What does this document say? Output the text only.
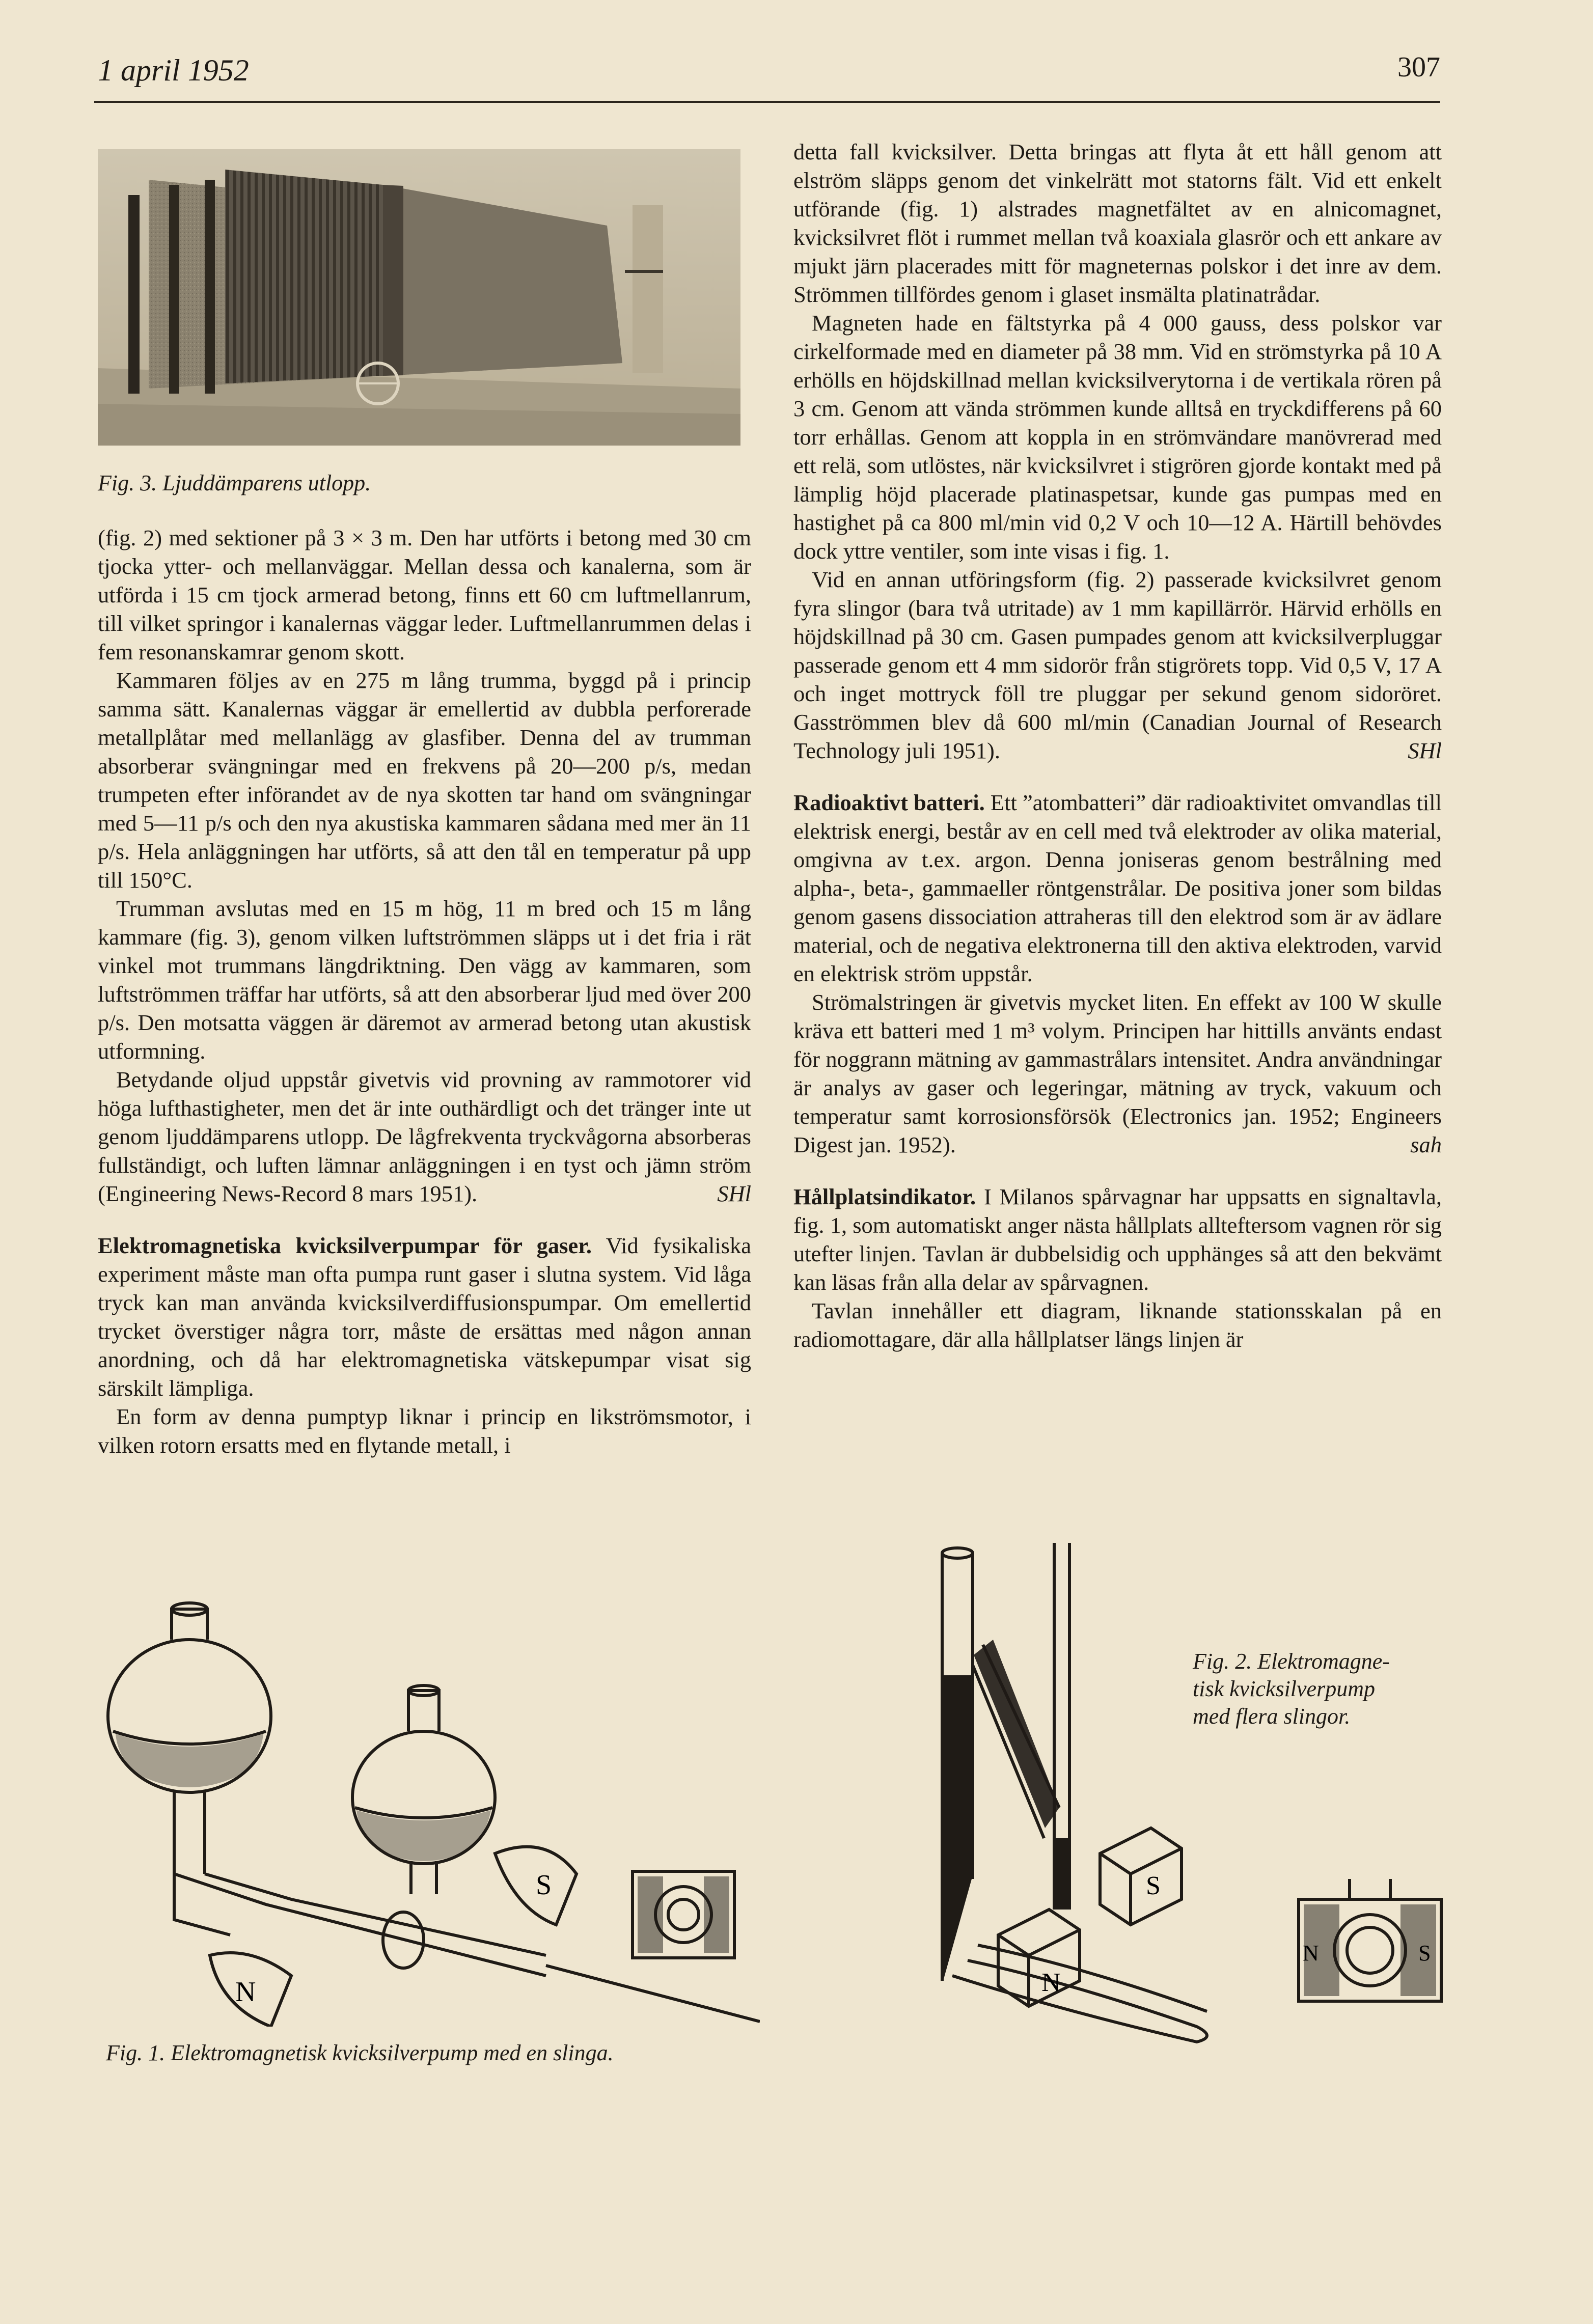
1 april 1952	307
Fig. 3. Ljuddämparens utlopp.

(fig. 2) med sektioner på 3 × 3 m. Den har utförts i betong med 30 cm tjocka ytter- och mellanväggar. Mellan dessa och kanalerna, som är utförda i 15 cm tjock armerad betong, finns ett 60 cm luftmellanrum, till vilket springor i kanalernas väggar leder. Luftmellanrummen delas i fem resonanskamrar genom skott.

Kammaren följes av en 275 m lång trumma, byggd på i princip samma sätt. Kanalernas väggar är emellertid av dubbla perforerade metallplåtar med mellanlägg av glasfiber. Denna del av trumman absorberar svängningar med en frekvens på 20—200 p/s, medan trumpeten efter införandet av de nya skotten tar hand om svängningar med 5—11 p/s och den nya akustiska kammaren sådana med mer än 11 p/s. Hela anläggningen har utförts, så att den tål en temperatur på upp till 150°C.

Trumman avslutas med en 15 m hög, 11 m bred och 15 m lång kammare (fig. 3), genom vilken luftströmmen släpps ut i det fria i rät vinkel mot trummans längdriktning. Den vägg av kammaren, som luftströmmen träffar har utförts, så att den absorberar ljud med över 200 p/s. Den motsatta väggen är däremot av armerad betong utan akustisk utformning.

Betydande oljud uppstår givetvis vid provning av rammotorer vid höga lufthastigheter, men det är inte outhärdligt och det tränger inte ut genom ljuddämparens utlopp. De lågfrekventa tryckvågorna absorberas fullständigt, och luften lämnar anläggningen i en tyst och jämn ström (Engineering News-Record 8 mars 1951).	SHl

Elektromagnetiska kvicksilverpumpar för gaser. Vid fysikaliska experiment måste man ofta pumpa runt gaser i slutna system. Vid låga tryck kan man använda kvicksilverdiffusionspumpar. Om emellertid trycket överstiger några torr, måste de ersättas med någon annan anordning, och då har elektromagnetiska vätskepumpar visat sig särskilt lämpliga.

En form av denna pumptyp liknar i princip en likströmsmotor, i vilken rotorn ersatts med en flytande metall, i

S
N
Fig. 1. Elektromagnetisk kvicksilverpump med en slinga.

detta fall kvicksilver. Detta bringas att flyta åt ett håll genom att elström släpps genom det vinkelrätt mot statorns fält. Vid ett enkelt utförande (fig. 1) alstrades magnetfältet av en alnicomagnet, kvicksilvret flöt i rummet mellan två koaxiala glasrör och ett ankare av mjukt järn placerades mitt för magneternas polskor i det inre av dem. Strömmen tillfördes genom i glaset insmälta platinatrådar.

Magneten hade en fältstyrka på 4 000 gauss, dess polskor var cirkelformade med en diameter på 38 mm. Vid en strömstyrka på 10 A erhölls en höjdskillnad mellan kvicksilverytorna i de vertikala rören på 3 cm. Genom att vända strömmen kunde alltså en tryckdifferens på 60 torr erhållas. Genom att koppla in en strömvändare manövrerad med ett relä, som utlöstes, när kvicksilvret i stigrören gjorde kontakt med på lämplig höjd placerade platinaspetsar, kunde gas pumpas med en hastighet på ca 800 ml/min vid 0,2 V och 10—12 A. Härtill behövdes dock yttre ventiler, som inte visas i fig. 1.

Vid en annan utföringsform (fig. 2) passerade kvicksilvret genom fyra slingor (bara två utritade) av 1 mm kapillärrör. Härvid erhölls en höjdskillnad på 30 cm. Gasen pumpades genom att kvicksilverpluggar passerade genom ett 4 mm sidorör från stigrörets topp. Vid 0,5 V, 17 A och inget mottryck föll tre pluggar per sekund genom sidoröret. Gasströmmen blev då 600 ml/min (Canadian Journal of Research Technology juli 1951).	SHl

Radioaktivt batteri. Ett ”atombatteri” där radioaktivitet omvandlas till elektrisk energi, består av en cell med två elektroder av olika material, omgivna av t.ex. argon. Denna joniseras genom bestrålning med alpha-, beta-, gammaeller röntgenstrålar. De positiva joner som bildas genom gasens dissociation attraheras till den elektrod som är av ädlare material, och de negativa elektronerna till den aktiva elektroden, varvid en elektrisk ström uppstår.

Strömalstringen är givetvis mycket liten. En effekt av 100 W skulle kräva ett batteri med 1 m³ volym. Principen har hittills använts endast för noggrann mätning av gammastrålars intensitet. Andra användningar är analys av gaser och legeringar, mätning av tryck, vakuum och temperatur samt korrosionsförsök (Electronics jan. 1952; Engineers Digest jan. 1952).	sah

Hållplatsindikator. I Milanos spårvagnar har uppsatts en signaltavla, fig. 1, som automatiskt anger nästa hållplats allteftersom vagnen rör sig utefter linjen. Tavlan är dubbelsidig och upphänges så att den bekvämt kan läsas från alla delar av spårvagnen.

Tavlan innehåller ett diagram, liknande stationsskalan på en radiomottagare, där alla hållplatser längs linjen är

N
S
N	S
Fig. 2. Elektromagne-
tisk kvicksilverpump
med flera slingor.
